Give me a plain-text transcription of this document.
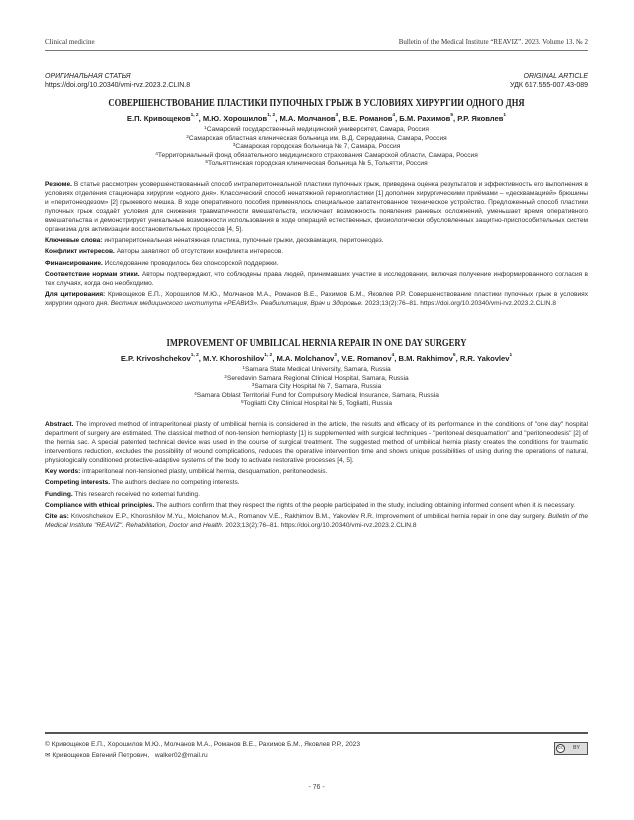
Clinical medicine	Bulletin of the Medical Institute “REAVIZ”. 2023. Volume 13. № 2
ОРИГИНАЛЬНАЯ СТАТЬЯ
https://doi.org/10.20340/vmi-rvz.2023.2.CLIN.8
ORIGINAL ARTICLE
УДК 617.555-007.43-089
СОВЕРШЕНСТВОВАНИЕ ПЛАСТИКИ ПУПОЧНЫХ ГРЫЖ В УСЛОВИЯХ ХИРУРГИИ ОДНОГО ДНЯ
Е.П. Кривощеков$^{1, 2}$, М.Ю. Хорошилов$^{1, 2}$, М.А. Молчанов$^3$, В.Е. Романов$^4$, Б.М. Рахимов$^5$, Р.Р. Яковлев$^1$
$^1$Самарский государственный медицинский университет, Самара, Россия
$^2$Самарская областная клиническая больница им. В.Д. Середавина, Самара, Россия
$^3$Самарская городская больница № 7, Самара, Россия
$^4$Территориальный фонд обязательного медицинского страхования Самарской области, Самара, Россия
$^5$Тольяттинская городская клиническая больница № 5, Тольятти, Россия

Резюме. В статье рассмотрен усовершенствованный способ интраперитонеальной пластики пупочных грыж, приведена оценка результатов и эффективность его выполнения в условиях отделения стационара хирургии «одного дня». Классический способ ненатяжной герниопластики [1] дополнен хирургическими приёмами – «десквамацией» брюшины и «перитонеодезом» [2] грыжевого мешка. В ходе оперативного пособия применялось специальное запатентованное техническое устройство. Предложенный способ пластики пупочных грыж создаёт условия для снижения травматичности вмешательств, исключает возможность появления раневых осложнений, уменьшает время оперативного вмешательства и демонстрирует уникальные возможности использования в ходе операций естественных, физиологически обусловленных защитно-приспособительных систем организма для активизации восстановительных процессов [4, 5].

Ключевые слова: интраперитонеальная ненатяжная пластика, пупочные грыжи, десквамация, перитонеодез.

Конфликт интересов. Авторы заявляют об отсутствии конфликта интересов.

Финансирование. Исследование проводилось без спонсорской поддержки.

Соответствие нормам этики. Авторы подтверждают, что соблюдены права людей, принимавших участие в исследовании, включая получение информированного согласия в тех случаях, когда оно необходимо.

Для цитирования: Кривощеков Е.П., Хорошилов М.Ю., Молчанов М.А., Романов В.Е., Рахимов Б.М., Яковлев Р.Р. Совершенствование пластики пупочных грыж в условиях хирургии одного дня. Вестник медицинского института «РЕАВИЗ». Реабилитация, Врач и Здоровье. 2023;13(2):76–81. https://doi.org/10.20340/vmi-rvz.2023.2.CLIN.8

IMPROVEMENT OF UMBILICAL HERNIA REPAIR IN ONE DAY SURGERY
E.P. Krivoshchekov$^{1, 2}$, M.Y. Khoroshilov$^{1, 2}$, M.A. Molchanov$^3$, V.E. Romanov$^4$, B.M. Rakhimov$^5$, R.R. Yakovlev$^1$
$^1$Samara State Medical University, Samara, Russia
$^2$Seredavin Samara Regional Clinical Hospital, Samara, Russia
$^3$Samara City Hospital № 7, Samara, Russia
$^4$Samara Oblast Territorial Fund for Compulsory Medical Insurance, Samara, Russia
$^5$Togliatti City Clinical Hospital № 5, Togliatti, Russia

Abstract. The improved method of intraperitoneal plasty of umbilical hernia is considered in the article, the results and efficacy of its performance in the conditions of "one day" hospital department of surgery are estimated. The classical method of non-tension hernioplasty [1] is supplemented with surgical techniques - "peritoneal desquamation" and "peritoneodesis" [2] of the hernia sac. A special patented technical device was used in the course of surgical treatment. The suggested method of umbilical hernia plasty creates the conditions for traumatic interventions reduction, excludes the possibility of wound complications, reduces the operative intervention time and shows unique possibilities of using during the operations of natural, physiologically conditioned protective-adaptive systems of the body to activate restorative processes [4, 5].

Key words: intraperitoneal non-tensioned plasty, umbilical hernia, desquamation, peritoneodesis.

Competing interests. The authors declare no competing interests.

Funding. This research received no external funding.

Compliance with ethical principles. The authors confirm that they respect the rights of the people participated in the study, including obtaining informed consent when it is necessary.

Cite as: Krivoshchekov E.P., Khoroshilov M.Yu., Molchanov M.A., Romanov V.E., Rakhimov B.M., Yakovlev R.R. Improvement of umbilical hernia repair in one day surgery. Bulletin of the Medical Institute "REAVIZ". Rehabilitation, Doctor and Health. 2023;13(2):76–81. https://doi.org/10.20340/vmi-rvz.2023.2.CLIN.8

© Кривощеков Е.П., Хорошилов М.Ю., Молчанов М.А., Романов В.Е., Рахимов Б.М., Яковлев Р.Р., 2023
✉ Кривощеков Евгений Петрович, walker02@mail.ru
cc	BY
- 76 -
